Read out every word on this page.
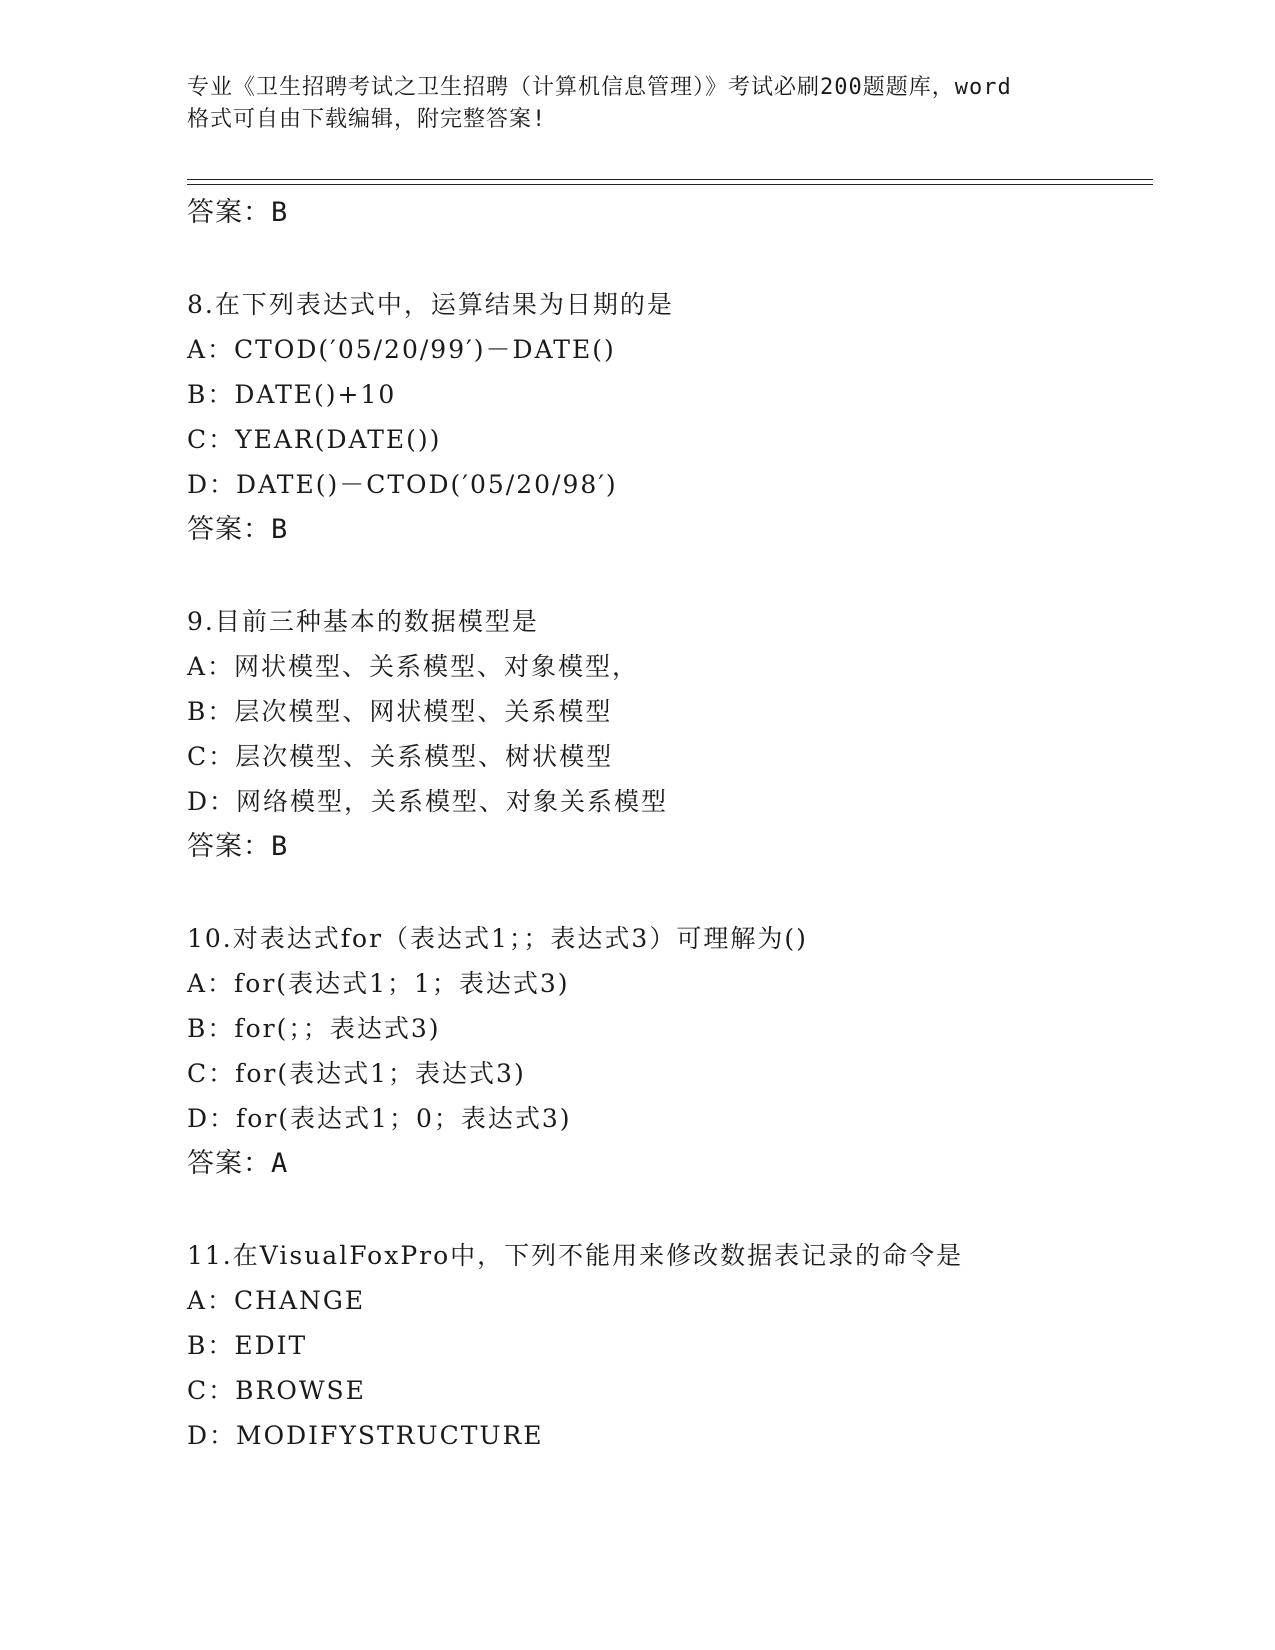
专业《卫生招聘考试之卫生招聘（计算机信息管理）》考试必刷200题题库，word
格式可自由下载编辑，附完整答案!
答案：B
8.在下列表达式中，运算结果为日期的是
A：CTOD(′05/20/99′)－DATE()
B：DATE()+10
C：YEAR(DATE())
D：DATE()－CTOD(′05/20/98′)
答案：B
9.目前三种基本的数据模型是
A：网状模型、关系模型、对象模型，
B：层次模型、网状模型、关系模型
C：层次模型、关系模型、树状模型
D：网络模型，关系模型、对象关系模型
答案：B
10.对表达式for（表达式1；；表达式3）可理解为()
A：for(表达式1；1；表达式3)
B：for(；；表达式3)
C：for(表达式1；表达式3)
D：for(表达式1；0；表达式3)
答案：A
11.在VisualFoxPro中，下列不能用来修改数据表记录的命令是
A：CHANGE
B：EDIT
C：BROWSE
D：MODIFYSTRUCTURE
